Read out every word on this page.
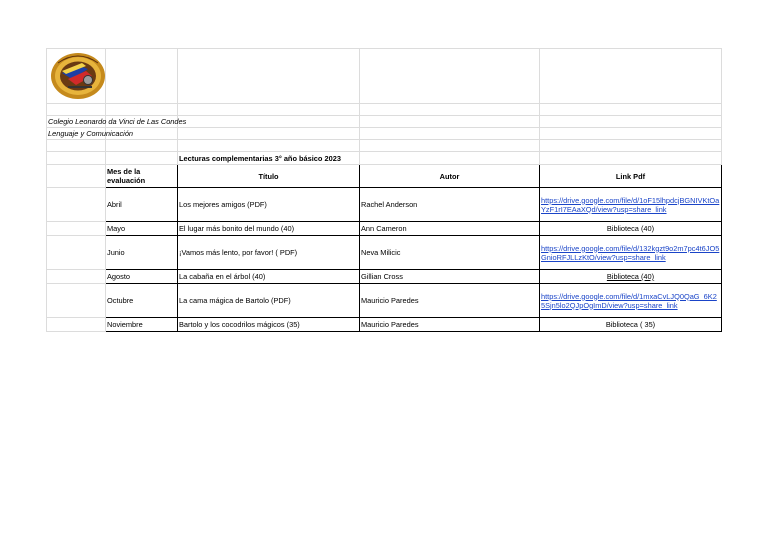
Colegio Leonardo da Vinci de Las Condes				
Lenguaje y Comunicación				

		Lecturas complementarias 3° año básico 2023		
	Mes de la evaluación	Título	Autor	Link Pdf
	Abril	Los mejores amigos (PDF)	Rachel Anderson	https://drive.google.com/file/d/1oF15lhpdcjBGNIVKtOaYzF1rI7EAaXQd/view?usp=share_link
	Mayo	El lugar más bonito del mundo (40)	Ann Cameron	Biblioteca (40)
	Junio	¡Vamos más lento, por favor! ( PDF)	Neva Milicic	https://drive.google.com/file/d/132kgzt9o2m7pc4t6JO5GnioRFJLLzKtO/view?usp=share_link
	Agosto	La cabaña en el árbol (40)	Gillian Cross	Biblioteca (40)
	Octubre	La cama mágica de Bartolo (PDF)	Mauricio Paredes	https://drive.google.com/file/d/1mxaCvLJQ0QaG_6K25Sjn5lo2QJpOgImD/view?usp=share_link
	Noviembre	Bartolo y los cocodrilos mágicos (35)	Mauricio Paredes	Biblioteca ( 35)
